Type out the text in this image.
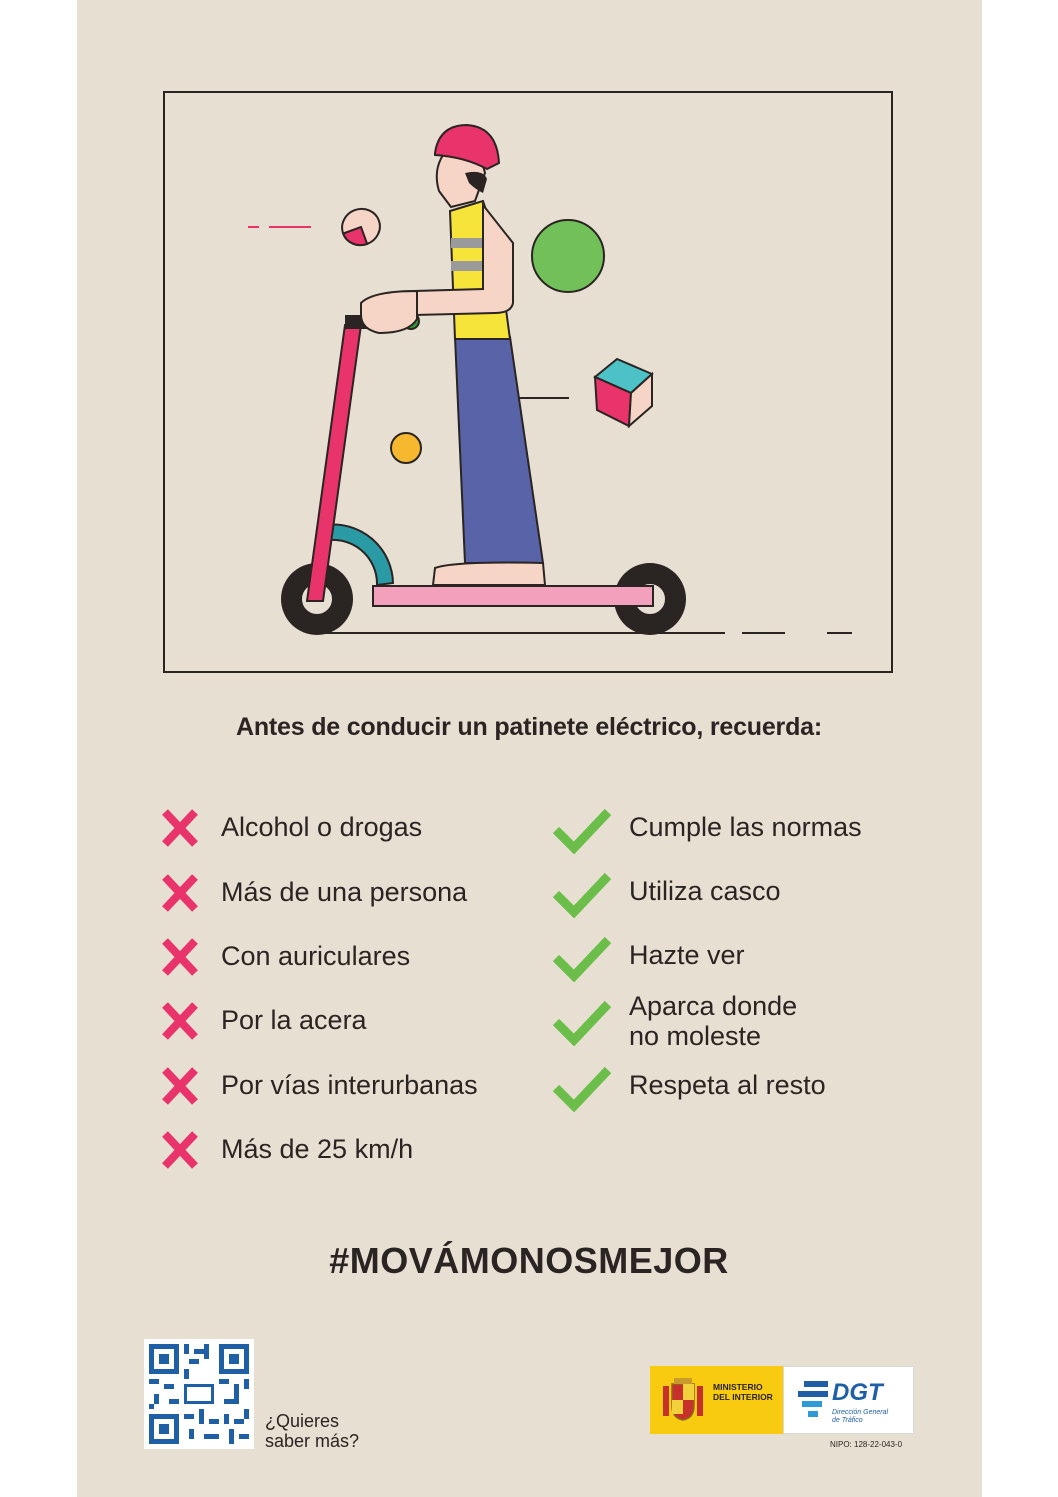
Antes de conducir un patinete eléctrico, recuerda:
Alcohol o drogas
Más de una persona
Con auriculares
Por la acera
Por vías interurbanas
Más de 25 km/h
Cumple las normas
Utiliza casco
Hazte ver
Aparca donde
no moleste
Respeta al resto
#MOVÁMONOSMEJOR
¿Quieres
saber más?
MINISTERIO
DEL INTERIOR	DGT
Dirección General
de Tráfico
NIPO: 128-22-043-0
